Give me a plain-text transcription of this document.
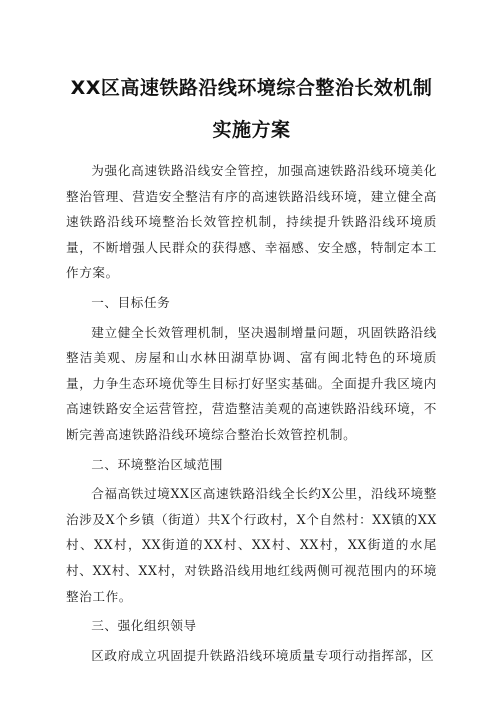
XX区高速铁路沿线环境综合整治长效机制
实施方案

为强化高速铁路沿线安全管控，加强高速铁路沿线环境美化整治管理、营造安全整洁有序的高速铁路沿线环境，建立健全高速铁路沿线环境整治长效管控机制，持续提升铁路沿线环境质量，不断增强人民群众的获得感、幸福感、安全感，特制定本工作方案。

一、目标任务

建立健全长效管理机制，坚决遏制增量问题，巩固铁路沿线整洁美观、房屋和山水林田湖草协调、富有闽北特色的环境质量，力争生态环境优等生目标打好坚实基础。全面提升我区境内高速铁路安全运营管控，营造整洁美观的高速铁路沿线环境，不断完善高速铁路沿线环境综合整治长效管控机制。

二、环境整治区域范围

合福高铁过境XX区高速铁路沿线全长约X公里，沿线环境整治涉及X个乡镇（街道）共X个行政村，X个自然村：XX镇的XX村、XX村，XX街道的XX村、XX村、XX村，XX街道的水尾村、XX村、XX村，对铁路沿线用地红线两侧可视范围内的环境整治工作。

三、强化组织领导

区政府成立巩固提升铁路沿线环境质量专项行动指挥部，区
